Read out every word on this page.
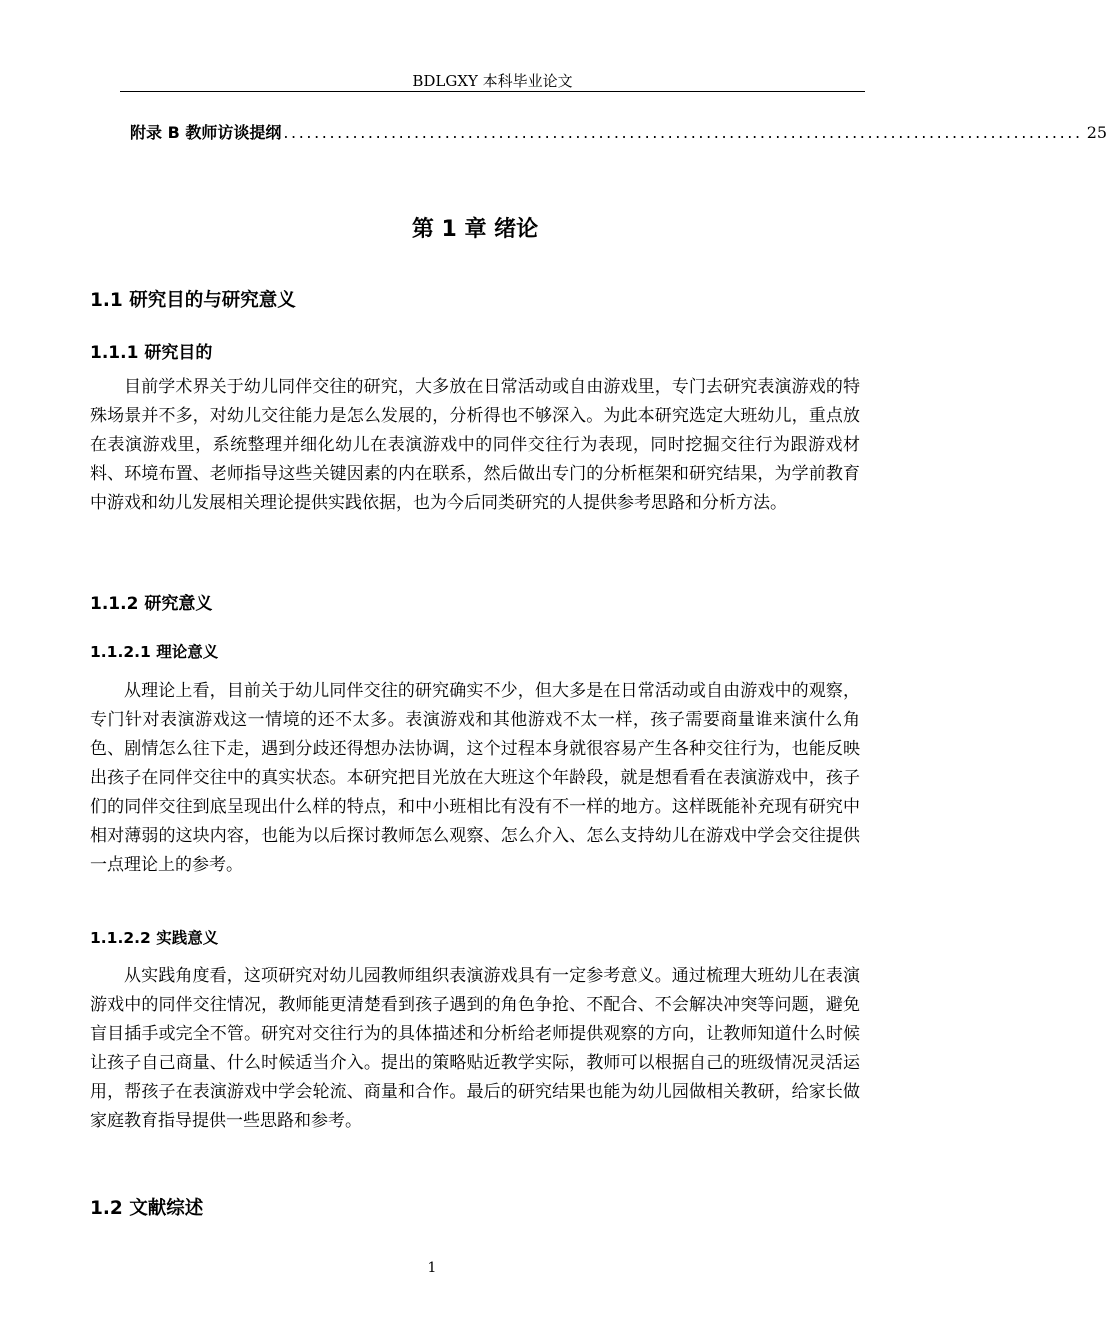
BDLGXY 本科毕业论文
附录 B 教师访谈提纲 ........................................................................................................ 25
第 1 章 绪论
1.1 研究目的与研究意义
1.1.1 研究目的
目前学术界关于幼儿同伴交往的研究，大多放在日常活动或自由游戏里，专门去研究表演游戏的特殊场景并不多，对幼儿交往能力是怎么发展的，分析得也不够深入。为此本研究选定大班幼儿，重点放在表演游戏里，系统整理并细化幼儿在表演游戏中的同伴交往行为表现，同时挖掘交往行为跟游戏材料、环境布置、老师指导这些关键因素的内在联系，然后做出专门的分析框架和研究结果，为学前教育中游戏和幼儿发展相关理论提供实践依据，也为今后同类研究的人提供参考思路和分析方法。
1.1.2 研究意义
1.1.2.1 理论意义
从理论上看，目前关于幼儿同伴交往的研究确实不少，但大多是在日常活动或自由游戏中的观察，专门针对表演游戏这一情境的还不太多。表演游戏和其他游戏不太一样，孩子需要商量谁来演什么角色、剧情怎么往下走，遇到分歧还得想办法协调，这个过程本身就很容易产生各种交往行为，也能反映出孩子在同伴交往中的真实状态。本研究把目光放在大班这个年龄段，就是想看看在表演游戏中，孩子们的同伴交往到底呈现出什么样的特点，和中小班相比有没有不一样的地方。这样既能补充现有研究中相对薄弱的这块内容，也能为以后探讨教师怎么观察、怎么介入、怎么支持幼儿在游戏中学会交往提供一点理论上的参考。
1.1.2.2 实践意义
从实践角度看，这项研究对幼儿园教师组织表演游戏具有一定参考意义。通过梳理大班幼儿在表演游戏中的同伴交往情况，教师能更清楚看到孩子遇到的角色争抢、不配合、不会解决冲突等问题，避免盲目插手或完全不管。研究对交往行为的具体描述和分析给老师提供观察的方向，让教师知道什么时候让孩子自己商量、什么时候适当介入。提出的策略贴近教学实际，教师可以根据自己的班级情况灵活运用，帮孩子在表演游戏中学会轮流、商量和合作。最后的研究结果也能为幼儿园做相关教研，给家长做家庭教育指导提供一些思路和参考。
1.2 文献综述
1
